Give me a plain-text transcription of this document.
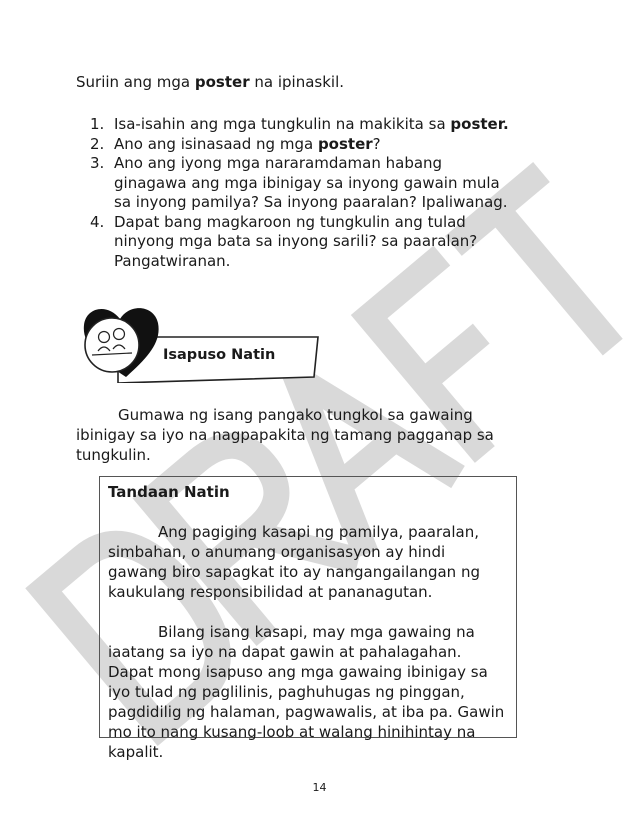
Suriin ang mga poster na ipinaskil.
1. Isa-isahin ang mga tungkulin na makikita sa poster.
2. Ano ang isinasaad ng mga poster?
3. Ano ang iyong mga nararamdaman habang ginagawa ang mga ibinigay sa inyong gawain mula sa inyong pamilya? Sa inyong paaralan? Ipaliwanag.
4. Dapat bang magkaroon ng tungkulin ang tulad ninyong mga bata sa inyong sarili? sa paaralan? Pangatwiranan.
Isapuso Natin

Gumawa ng isang pangako tungkol sa gawaing ibinigay sa iyo na nagpapakita ng tamang pagganap sa tungkulin.

Tandaan Natin

Ang pagiging kasapi ng pamilya, paaralan, simbahan, o anumang organisasyon ay hindi gawang biro sapagkat ito ay nangangailangan ng kaukulang responsibilidad at pananagutan.

Bilang isang kasapi, may mga gawaing na iaatang sa iyo na dapat gawin at pahalagahan. Dapat mong isapuso ang mga gawaing ibinigay sa iyo tulad ng paglilinis, paghuhugas ng pinggan, pagdidilig ng halaman, pagwawalis, at iba pa. Gawin mo ito nang kusang-loob at walang hinihintay na kapalit.

14
